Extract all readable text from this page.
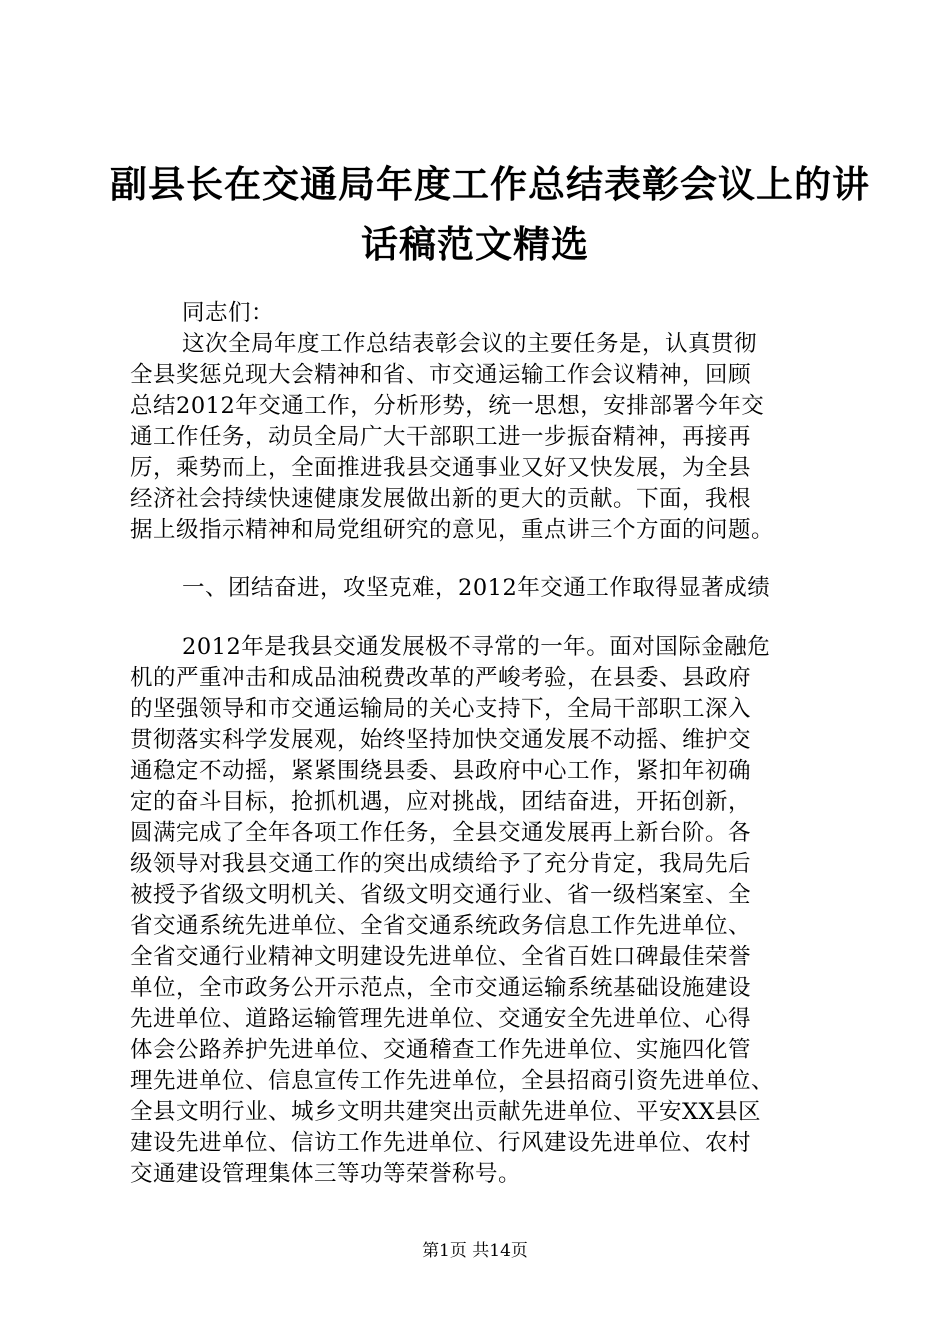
副县长在交通局年度工作总结表彰会议上的讲
话稿范文精选
同志们：
这次全局年度工作总结表彰会议的主要任务是，认真贯彻
全县奖惩兑现大会精神和省、市交通运输工作会议精神，回顾
总结2012年交通工作，分析形势，统一思想，安排部署今年交
通工作任务，动员全局广大干部职工进一步振奋精神，再接再
厉，乘势而上，全面推进我县交通事业又好又快发展，为全县
经济社会持续快速健康发展做出新的更大的贡献。下面，我根
据上级指示精神和局党组研究的意见，重点讲三个方面的问题。
一、团结奋进，攻坚克难，2012年交通工作取得显著成绩
2012年是我县交通发展极不寻常的一年。面对国际金融危
机的严重冲击和成品油税费改革的严峻考验，在县委、县政府
的坚强领导和市交通运输局的关心支持下，全局干部职工深入
贯彻落实科学发展观，始终坚持加快交通发展不动摇、维护交
通稳定不动摇，紧紧围绕县委、县政府中心工作，紧扣年初确
定的奋斗目标，抢抓机遇，应对挑战，团结奋进，开拓创新，
圆满完成了全年各项工作任务，全县交通发展再上新台阶。各
级领导对我县交通工作的突出成绩给予了充分肯定，我局先后
被授予省级文明机关、省级文明交通行业、省一级档案室、全
省交通系统先进单位、全省交通系统政务信息工作先进单位、
全省交通行业精神文明建设先进单位、全省百姓口碑最佳荣誉
单位，全市政务公开示范点，全市交通运输系统基础设施建设
先进单位、道路运输管理先进单位、交通安全先进单位、心得
体会公路养护先进单位、交通稽查工作先进单位、实施四化管
理先进单位、信息宣传工作先进单位，全县招商引资先进单位、
全县文明行业、城乡文明共建突出贡献先进单位、平安XX县区
建设先进单位、信访工作先进单位、行风建设先进单位、农村
交通建设管理集体三等功等荣誉称号。
第1页 共14页
